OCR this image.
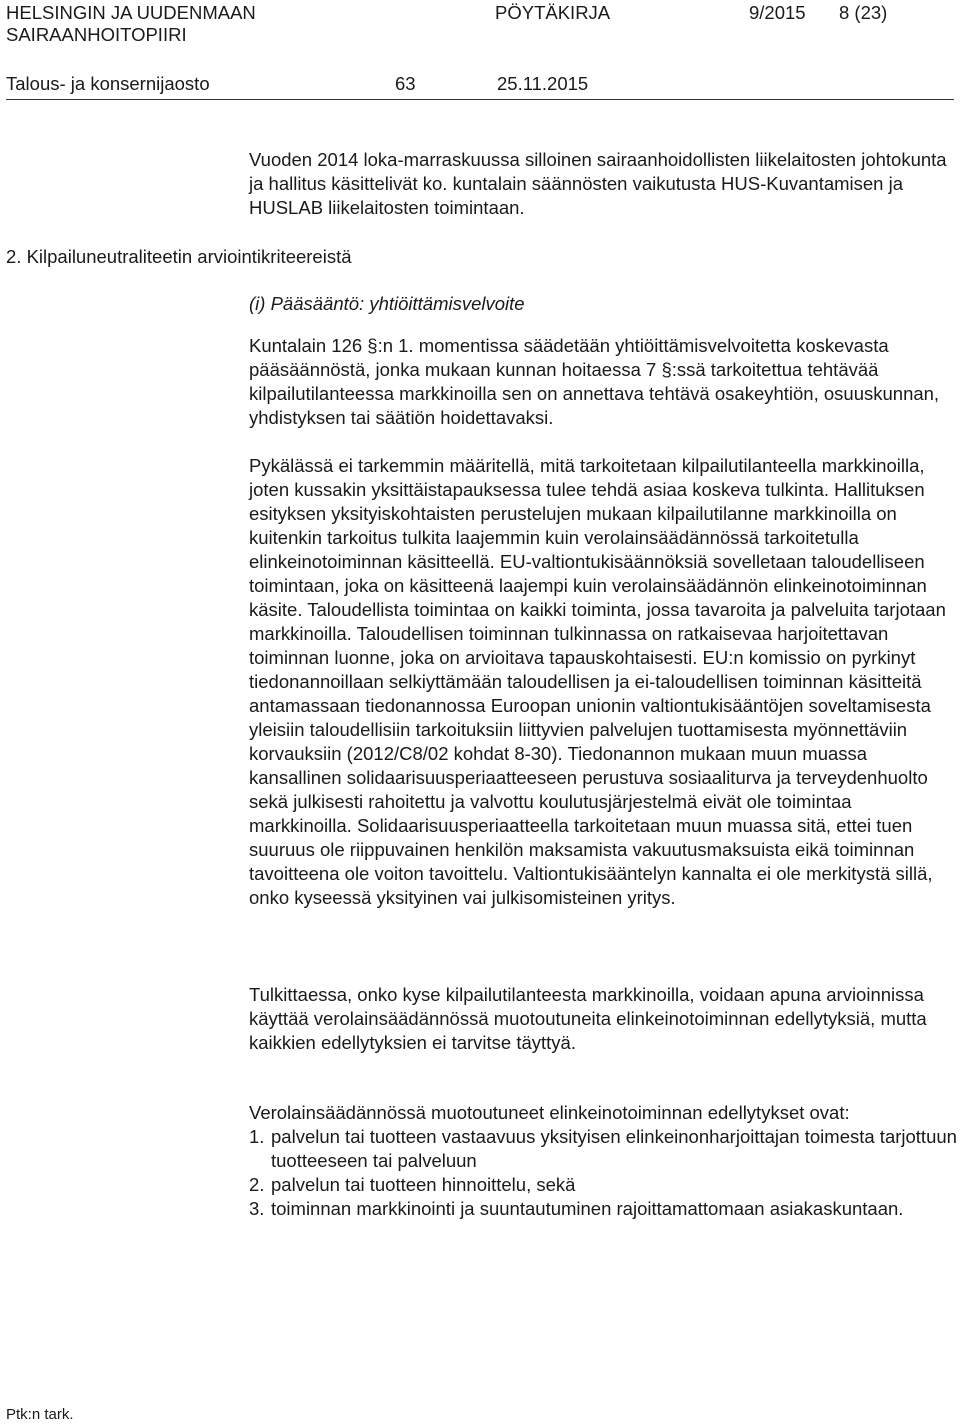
HELSINGIN JA UUDENMAAN
SAIRAANHOITOPIIRI
PÖYTÄKIRJA	9/2015 8 (23)
Talous- ja konsernijaosto	63	25.11.2015
2. Kilpailuneutraliteetin arviointikriteereistä

Vuoden 2014 loka-marraskuussa silloinen sairaanhoidollisten liikelaitosten johtokunta ja hallitus käsittelivät ko. kuntalain säännösten vaikutusta HUS-Kuvantamisen ja HUSLAB liikelaitosten toimintaan.

(i) Pääsääntö: yhtiöittämisvelvoite

Kuntalain 126 §:n 1. momentissa säädetään yhtiöittämisvelvoitetta koskevasta pääsäännöstä, jonka mukaan kunnan hoitaessa 7 §:ssä tarkoitettua tehtävää kilpailutilanteessa markkinoilla sen on annettava tehtävä osakeyhtiön, osuuskunnan, yhdistyksen tai säätiön hoidettavaksi.

Pykälässä ei tarkemmin määritellä, mitä tarkoitetaan kilpailutilanteella markkinoilla, joten kussakin yksittäistapauksessa tulee tehdä asiaa koskeva tulkinta. Hallituksen esityksen yksityiskohtaisten perustelujen mukaan kilpailutilanne markkinoilla on kuitenkin tarkoitus tulkita laajemmin kuin verolainsäädännössä tarkoitetulla elinkeinotoiminnan käsitteellä. EU-valtiontukisäännöksiä sovelletaan taloudelliseen toimintaan, joka on käsitteenä laajempi kuin verolainsäädännön elinkeinotoiminnan käsite. Taloudellista toimintaa on kaikki toiminta, jossa tavaroita ja palveluita tarjotaan markkinoilla. Taloudellisen toiminnan tulkinnassa on ratkaisevaa harjoitettavan toiminnan luonne, joka on arvioitava tapauskohtaisesti. EU:n komissio on pyrkinyt tiedonannoillaan selkiyttämään taloudellisen ja ei-taloudellisen toiminnan käsitteitä antamassaan tiedonannossa Euroopan unionin valtiontukisääntöjen soveltamisesta yleisiin taloudellisiin tarkoituksiin liittyvien palvelujen tuottamisesta myönnettäviin korvauksiin (2012/C8/02 kohdat 8-30). Tiedonannon mukaan muun muassa kansallinen solidaarisuusperiaatteeseen perustuva sosiaaliturva ja terveydenhuolto sekä julkisesti rahoitettu ja valvottu koulutusjärjestelmä eivät ole toimintaa markkinoilla. Solidaarisuusperiaatteella tarkoitetaan muun muassa sitä, ettei tuen suuruus ole riippuvainen henkilön maksamista vakuutusmaksuista eikä toiminnan tavoitteena ole voiton tavoittelu. Valtiontukisääntelyn kannalta ei ole merkitystä sillä, onko kyseessä yksityinen vai julkisomisteinen yritys.

Tulkittaessa, onko kyse kilpailutilanteesta markkinoilla, voidaan apuna arvioinnissa käyttää verolainsäädännössä muotoutuneita elinkeinotoiminnan edellytyksiä, mutta kaikkien edellytyksien ei tarvitse täyttyä.

Verolainsäädännössä muotoutuneet elinkeinotoiminnan edellytykset ovat:

1. palvelun tai tuotteen vastaavuus yksityisen elinkeinonharjoittajan toimesta tarjottuun tuotteeseen tai palveluun
2. palvelun tai tuotteen hinnoittelu, sekä
3. toiminnan markkinointi ja suuntautuminen rajoittamattomaan asiakaskuntaan.
Ptk:n tark.
